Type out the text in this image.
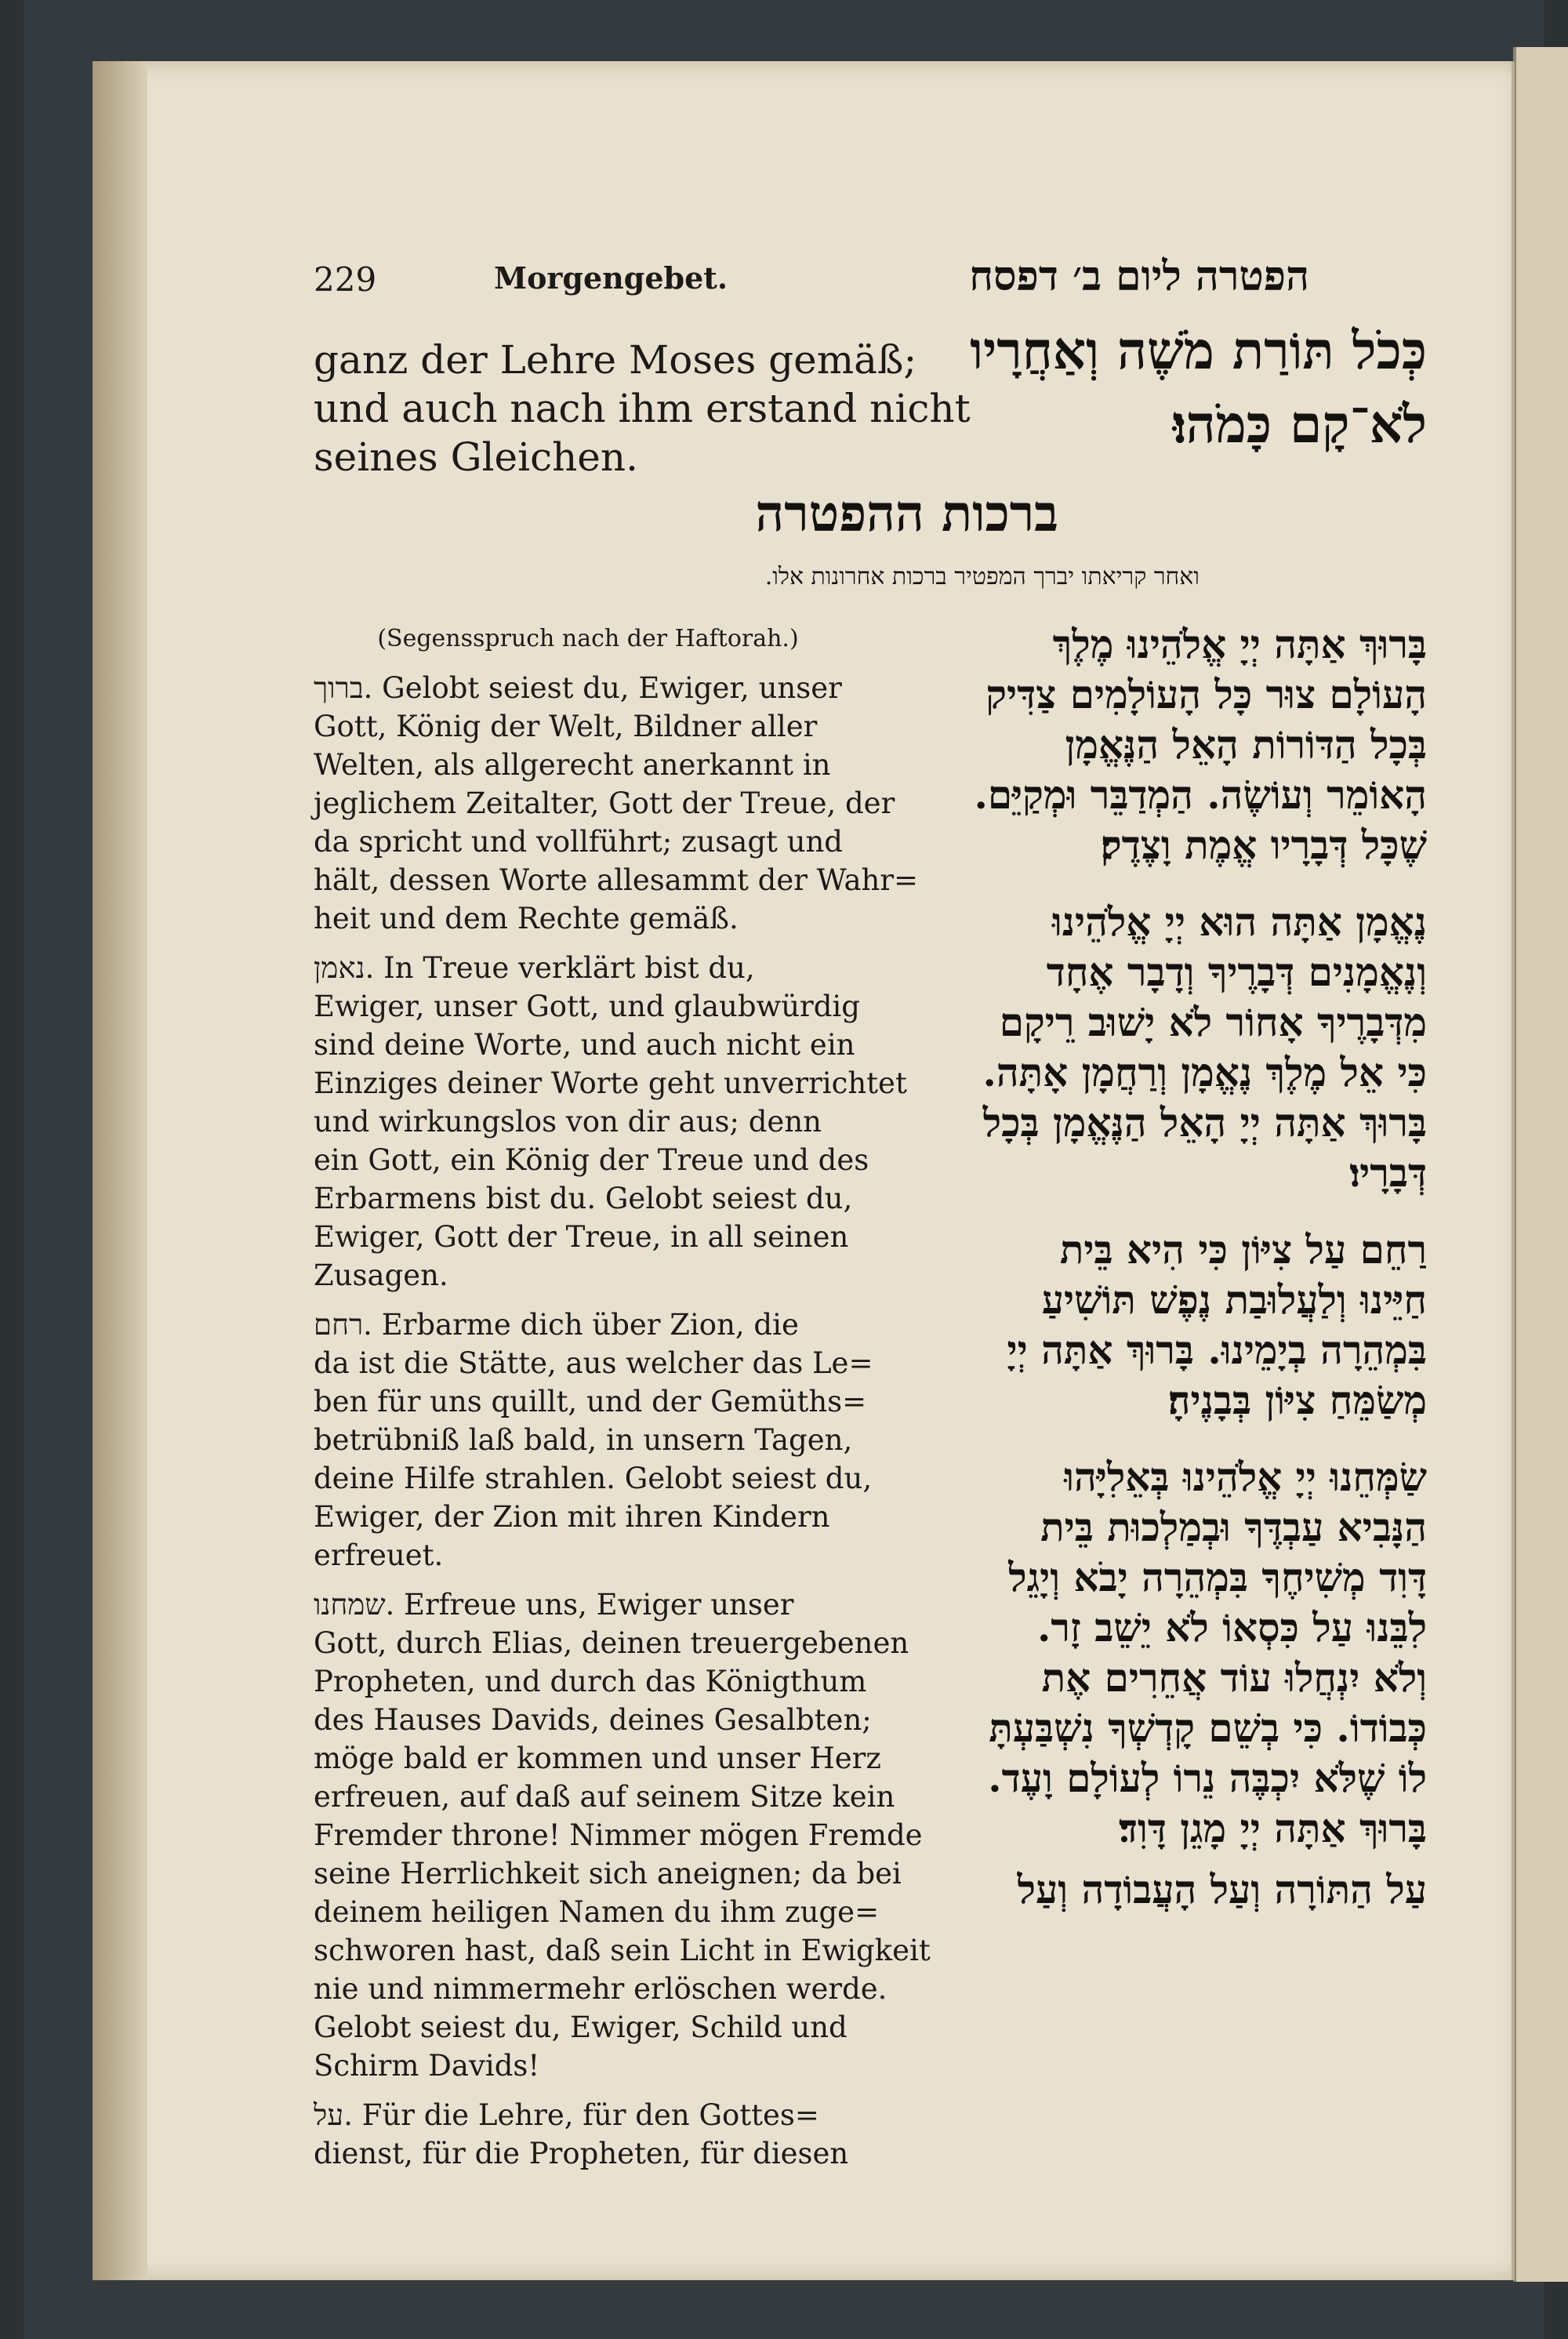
229	Morgengebet.	הפטרה ליום ב׳ דפסח
ganz der Lehre Moses gemäß;
und auch nach ihm erstand nicht
seines Gleichen.
כְּכֹל תּוֹרַת מֹשֶׁה וְאַחֲרָיו
לֹא־קָם כָּמֹהוּ׃
ברכות ההפטרה
ואחר קריאתו יברך המפטיר ברכות אחרונות אלו.
(Segensspruch nach der Haftorah.)
ברוך. Gelobt seiest du, Ewiger, unser
Gott, König der Welt, Bildner aller
Welten, als allgerecht anerkannt in
jeglichem Zeitalter, Gott der Treue, der
da spricht und vollführt; zusagt und
hält, dessen Worte allesammt der Wahr=
heit und dem Rechte gemäß.
נאמן. In Treue verklärt bist du,
Ewiger, unser Gott, und glaubwürdig
sind deine Worte, und auch nicht ein
Einziges deiner Worte geht unverrichtet
und wirkungslos von dir aus; denn
ein Gott, ein König der Treue und des
Erbarmens bist du. Gelobt seiest du,
Ewiger, Gott der Treue, in all seinen
Zusagen.
רחם. Erbarme dich über Zion, die
da ist die Stätte, aus welcher das Le=
ben für uns quillt, und der Gemüths=
betrübniß laß bald, in unsern Tagen,
deine Hilfe strahlen. Gelobt seiest du,
Ewiger, der Zion mit ihren Kindern
erfreuet.
שמחנו. Erfreue uns, Ewiger unser
Gott, durch Elias, deinen treuergebenen
Propheten, und durch das Königthum
des Hauses Davids, deines Gesalbten;
möge bald er kommen und unser Herz
erfreuen, auf daß auf seinem Sitze kein
Fremder throne! Nimmer mögen Fremde
seine Herrlichkeit sich aneignen; da bei
deinem heiligen Namen du ihm zuge=
schworen hast, daß sein Licht in Ewigkeit
nie und nimmermehr erlöschen werde.
Gelobt seiest du, Ewiger, Schild und
Schirm Davids!
על. Für die Lehre, für den Gottes=
dienst, für die Propheten, für diesen
בָּרוּךְ אַתָּה יְיָ אֱלֹהֵינוּ מֶלֶךְ
הָעוֹלָם צוּר כָּל הָעוֹלָמִים צַדִּיק
בְּכָל הַדּוֹרוֹת הָאֵל הַנֶּאֱמָן
הָאוֹמֵר וְעוֹשֶׂה. הַמְדַבֵּר וּמְקַיֵּם.
שֶׁכָּל דְּבָרָיו אֱמֶת וָצֶדֶק׃
נֶאֱמָן אַתָּה הוּא יְיָ אֱלֹהֵינוּ
וְנֶאֱמָנִים דְּבָרֶיךָ וְדָבָר אֶחָד
מִדְּבָרֶיךָ אָחוֹר לֹא יָשׁוּב רֵיקָם
כִּי אֵל מֶלֶךְ נֶאֱמָן וְרַחֲמָן אָתָּה.
בָּרוּךְ אַתָּה יְיָ הָאֵל הַנֶּאֱמָן בְּכָל
דְּבָרָיו׃
רַחֵם עַל צִיּוֹן כִּי הִיא בֵּית
חַיֵּינוּ וְלַעֲלוּבַת נֶפֶשׁ תּוֹשִׁיעַ
בִּמְהֵרָה בְיָמֵינוּ. בָּרוּךְ אַתָּה יְיָ
מְשַׂמֵּחַ צִיּוֹן בְּבָנֶיהָ׃
שַׂמְּחֵנוּ יְיָ אֱלֹהֵינוּ בְּאֵלִיָּהוּ
הַנָּבִיא עַבְדֶּךָ וּבְמַלְכוּת בֵּית
דָּוִד מְשִׁיחֶךָ בִּמְהֵרָה יָבֹא וְיָגֵל
לִבֵּנוּ עַל כִּסְאוֹ לֹא יֵשֵׁב זָר.
וְלֹא יִנְחֲלוּ עוֹד אֲחֵרִים אֶת
כְּבוֹדוֹ. כִּי בְשֵׁם קָדְשְׁךָ נִשְׁבַּעְתָּ
לוֹ שֶׁלֹּא יִכְבֶּה נֵרוֹ לְעוֹלָם וָעֶד.
בָּרוּךְ אַתָּה יְיָ מָגֵן דָּוִד׃
עַל הַתּוֹרָה וְעַל הָעֲבוֹדָה וְעַל
